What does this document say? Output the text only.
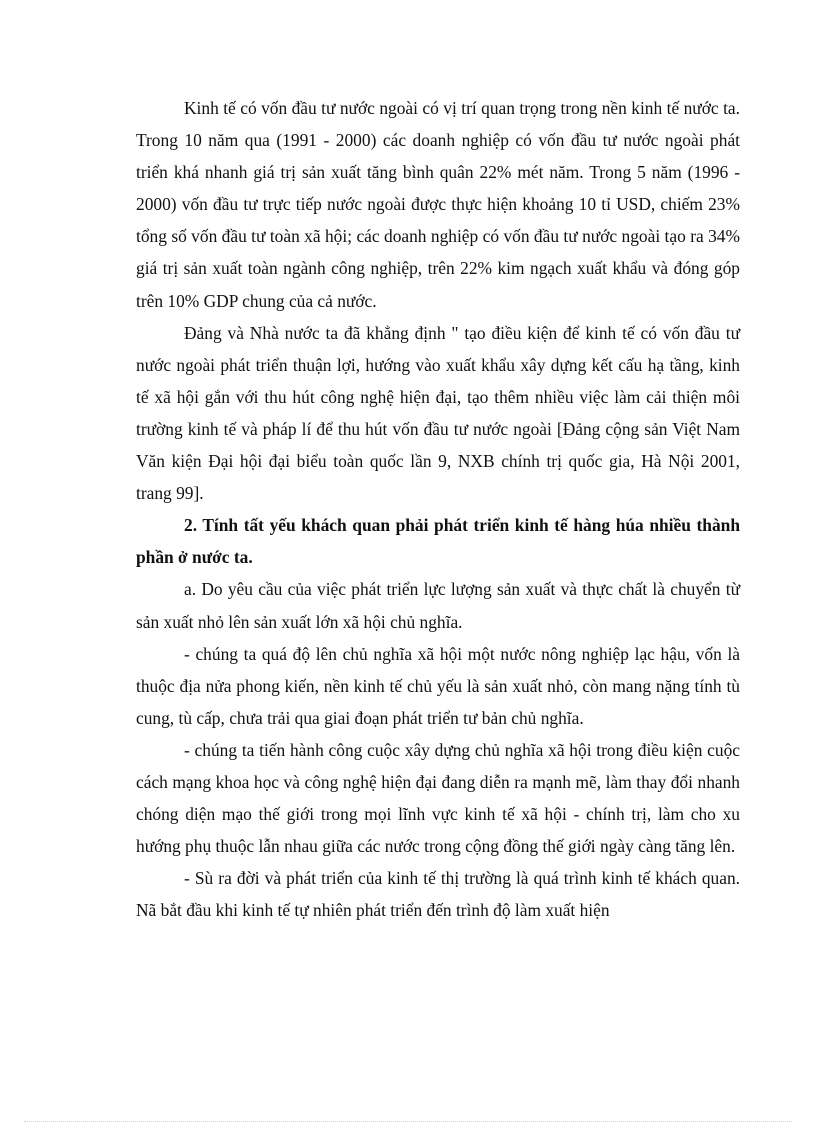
Kinh tế có vốn đầu tư nước ngoài có vị trí quan trọng trong nền kinh tế nước ta. Trong 10 năm qua (1991 - 2000) các doanh nghiệp có vốn đầu tư nước ngoài phát triển khá nhanh giá trị sản xuất tăng bình quân 22% mét năm. Trong 5 năm (1996 - 2000) vốn đầu tư trực tiếp nước ngoài được thực hiện khoảng 10 tỉ USD, chiếm 23% tổng số vốn đầu tư toàn xã hội; các doanh nghiệp có vốn đầu tư nước ngoài tạo ra 34% giá trị sản xuất toàn ngành công nghiệp, trên 22% kim ngạch xuất khẩu và đóng góp trên 10% GDP chung của cả nước.

Đảng và Nhà nước ta đã khẳng định " tạo điều kiện để kinh tế có vốn đầu tư nước ngoài phát triển thuận lợi, hướng vào xuất khẩu xây dựng kết cấu hạ tầng, kinh tế xã hội gắn với thu hút công nghệ hiện đại, tạo thêm nhiều việc làm cải thiện môi trường kinh tế và pháp lí để thu hút vốn đầu tư nước ngoài [Đảng cộng sản Việt Nam Văn kiện Đại hội đại biểu toàn quốc lần 9, NXB chính trị quốc gia, Hà Nội 2001, trang 99].

2. Tính tất yếu khách quan phải phát triển kinh tế hàng húa nhiều thành phần ở nước ta.

a. Do yêu cầu của việc phát triển lực lượng sản xuất và thực chất là chuyển từ sản xuất nhỏ lên sản xuất lớn xã hội chủ nghĩa.

- chúng ta quá độ lên chủ nghĩa xã hội một nước nông nghiệp lạc hậu, vốn là thuộc địa nửa phong kiến, nền kinh tế chủ yếu là sản xuất nhỏ, còn mang nặng tính tù cung, tù cấp, chưa trải qua giai đoạn phát triển tư bản chủ nghĩa.

- chúng ta tiến hành công cuộc xây dựng chủ nghĩa xã hội trong điều kiện cuộc cách mạng khoa học và công nghệ hiện đại đang diễn ra mạnh mẽ, làm thay đổi nhanh chóng diện mạo thế giới trong mọi lĩnh vực kinh tế xã hội - chính trị, làm cho xu hướng phụ thuộc lẫn nhau giữa các nước trong cộng đồng thế giới ngày càng tăng lên.

- Sù ra đời và phát triển của kinh tế thị trường là quá trình kinh tế khách quan. Nã bắt đầu khi kinh tế tự nhiên phát triển đến trình độ làm xuất hiện
